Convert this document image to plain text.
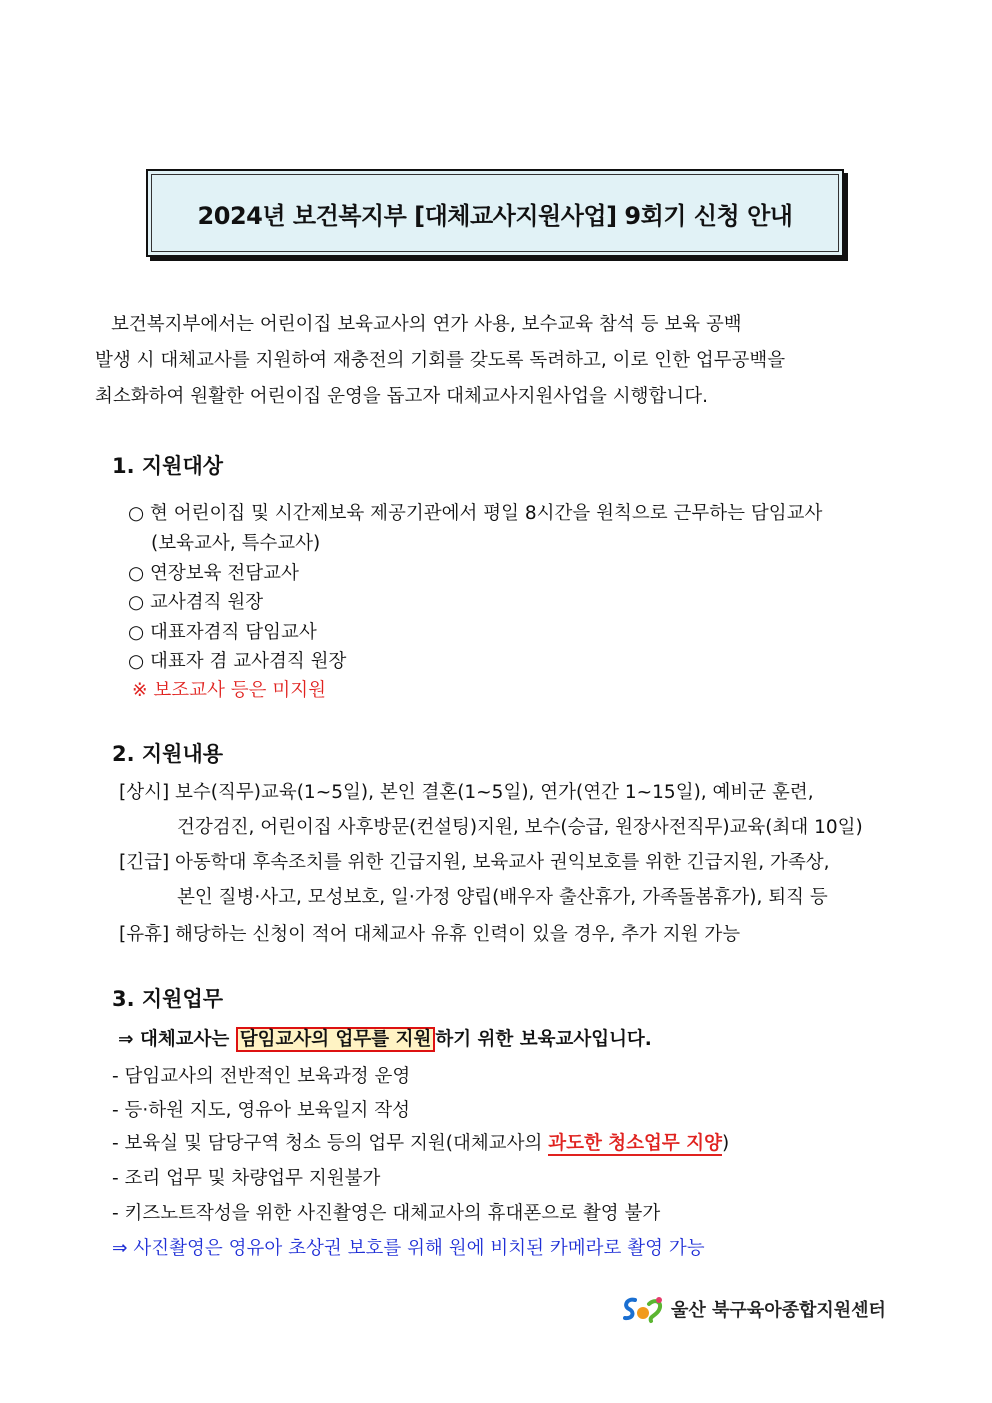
2024년 보건복지부 [대체교사지원사업] 9회기 신청 안내
보건복지부에서는 어린이집 보육교사의 연가 사용, 보수교육 참석 등 보육 공백
발생 시 대체교사를 지원하여 재충전의 기회를 갖도록 독려하고, 이로 인한 업무공백을
최소화하여 원활한 어린이집 운영을 돕고자 대체교사지원사업을 시행합니다.
1. 지원대상
○ 현 어린이집 및 시간제보육 제공기관에서 평일 8시간을 원칙으로 근무하는 담임교사
(보육교사, 특수교사)
○ 연장보육 전담교사
○ 교사겸직 원장
○ 대표자겸직 담임교사
○ 대표자 겸 교사겸직 원장
※ 보조교사 등은 미지원
2. 지원내용
[상시] 보수(직무)교육(1~5일), 본인 결혼(1~5일), 연가(연간 1~15일), 예비군 훈련,
건강검진, 어린이집 사후방문(컨설팅)지원, 보수(승급, 원장사전직무)교육(최대 10일)
[긴급] 아동학대 후속조치를 위한 긴급지원, 보육교사 권익보호를 위한 긴급지원, 가족상,
본인 질병·사고, 모성보호, 일·가정 양립(배우자 출산휴가, 가족돌봄휴가), 퇴직 등
[유휴] 해당하는 신청이 적어 대체교사 유휴 인력이 있을 경우, 추가 지원 가능
3. 지원업무
⇒ 대체교사는 담임교사의 업무를 지원 하기 위한 보육교사입니다.
- 담임교사의 전반적인 보육과정 운영
- 등·하원 지도, 영유아 보육일지 작성
- 보육실 및 담당구역 청소 등의 업무 지원(대체교사의 과도한 청소업무 지양)
- 조리 업무 및 차량업무 지원불가
- 키즈노트작성을 위한 사진촬영은 대체교사의 휴대폰으로 촬영 불가
⇒ 사진촬영은 영유아 초상권 보호를 위해 원에 비치된 카메라로 촬영 가능
울산 북구육아종합지원센터
